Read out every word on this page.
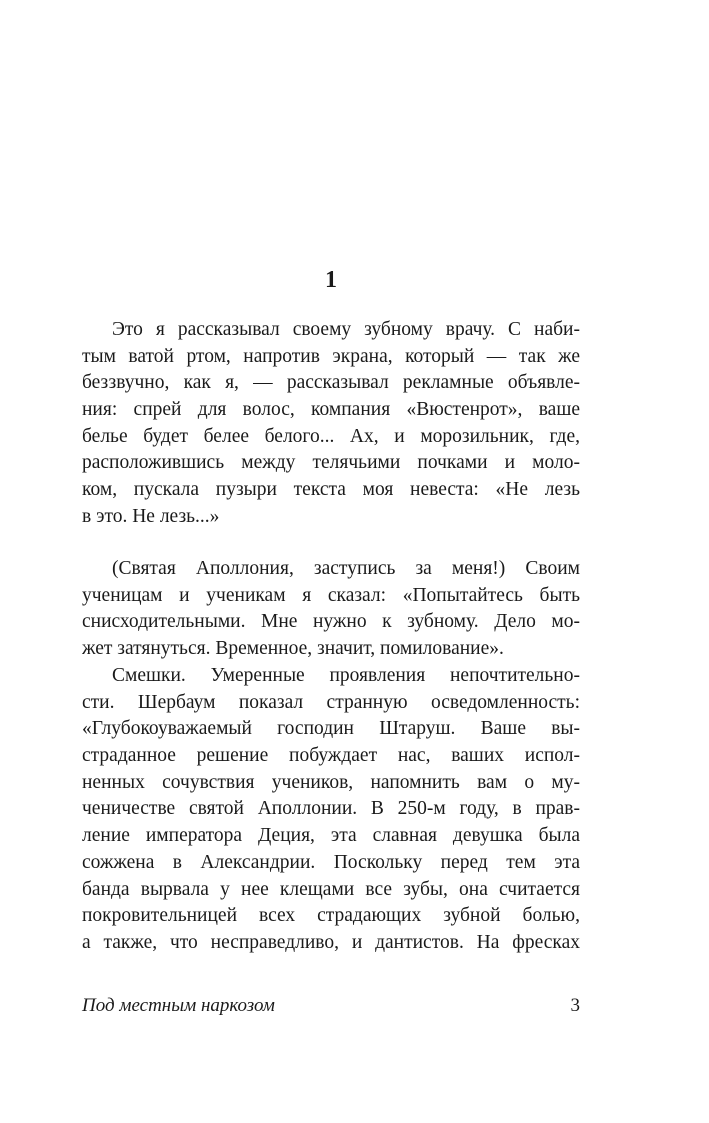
1
Это я рассказывал своему зубному врачу. С наби-
тым ватой ртом, напротив экрана, который — так же
беззвучно, как я, — рассказывал рекламные объявле-
ния: спрей для волос, компания «Вюстенрот», ваше
белье будет белее белого... Ах, и морозильник, где,
расположившись между телячьими почками и моло-
ком, пускала пузыри текста моя невеста: «Не лезь
в это. Не лезь...»
(Святая Аполлония, заступись за меня!) Своим
ученицам и ученикам я сказал: «Попытайтесь быть
снисходительными. Мне нужно к зубному. Дело мо-
жет затянуться. Временное, значит, помилование».
Смешки. Умеренные проявления непочтительно-
сти. Шербаум показал странную осведомленность:
«Глубокоуважаемый господин Штаруш. Ваше вы-
страданное решение побуждает нас, ваших испол-
ненных сочувствия учеников, напомнить вам о му-
ченичестве святой Аполлонии. В 250-м году, в прав-
ление императора Деция, эта славная девушка была
сожжена в Александрии. Поскольку перед тем эта
банда вырвала у нее клещами все зубы, она считается
покровительницей всех страдающих зубной болью,
а также, что несправедливо, и дантистов. На фресках
Под местным наркозом	3
